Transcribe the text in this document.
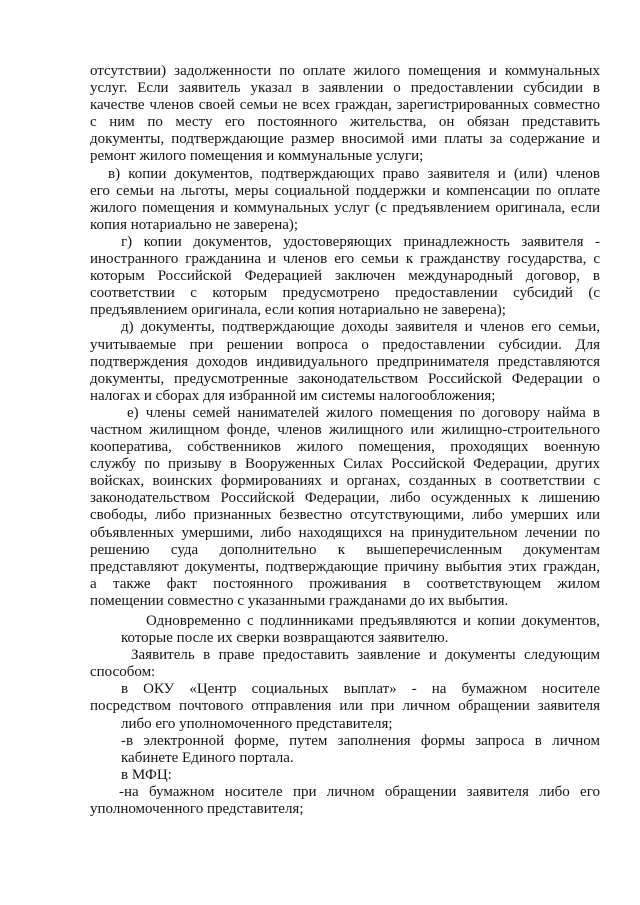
отсутствии) задолженности по оплате жилого помещения и коммунальных
услуг. Если заявитель указал в заявлении о предоставлении субсидии в
качестве членов своей семьи не всех граждан, зарегистрированных совместно
с ним по месту его постоянного жительства, он обязан представить
документы, подтверждающие размер вносимой ими платы за содержание и
ремонт жилого помещения и коммунальные услуги;
в) копии документов, подтверждающих право заявителя и (или) членов
его семьи на льготы, меры социальной поддержки и компенсации по оплате
жилого помещения и коммунальных услуг (с предъявлением оригинала, если
копия нотариально не заверена);
г) копии документов, удостоверяющих принадлежность заявителя -
иностранного гражданина и членов его семьи к гражданству государства, с
которым Российской Федерацией заключен международный договор, в
соответствии с которым предусмотрено предоставлении субсидий (с
предъявлением оригинала, если копия нотариально не заверена);
д) документы, подтверждающие доходы заявителя и членов его семьи,
учитываемые при решении вопроса о предоставлении субсидии. Для
подтверждения доходов индивидуального предпринимателя представляются
документы, предусмотренные законодательством Российской Федерации о
налогах и сборах для избранной им системы налогообложения;
е) члены семей нанимателей жилого помещения по договору найма в
частном жилищном фонде, членов жилищного или жилищно-строительного
кооператива, собственников жилого помещения, проходящих военную
службу по призыву в Вооруженных Силах Российской Федерации, других
войсках, воинских формированиях и органах, созданных в соответствии с
законодательством Российской Федерации, либо осужденных к лишению
свободы, либо признанных безвестно отсутствующими, либо умерших или
объявленных умершими, либо находящихся на принудительном лечении по
решению суда дополнительно к вышеперечисленным документам
представляют документы, подтверждающие причину выбытия этих граждан,
а также факт постоянного проживания в соответствующем жилом
помещении совместно с указанными гражданами до их выбытия.
Одновременно с подлинниками предъявляются и копии документов,
которые после их сверки возвращаются заявителю.
Заявитель в праве предоставить заявление и документы следующим
способом:
в ОКУ «Центр социальных выплат» - на бумажном носителе
посредством почтового отправления или при личном обращении заявителя
либо его уполномоченного представителя;
-в электронной форме, путем заполнения формы запроса в личном
кабинете Единого портала.
в МФЦ:
-на бумажном носителе при личном обращении заявителя либо его
уполномоченного представителя;
